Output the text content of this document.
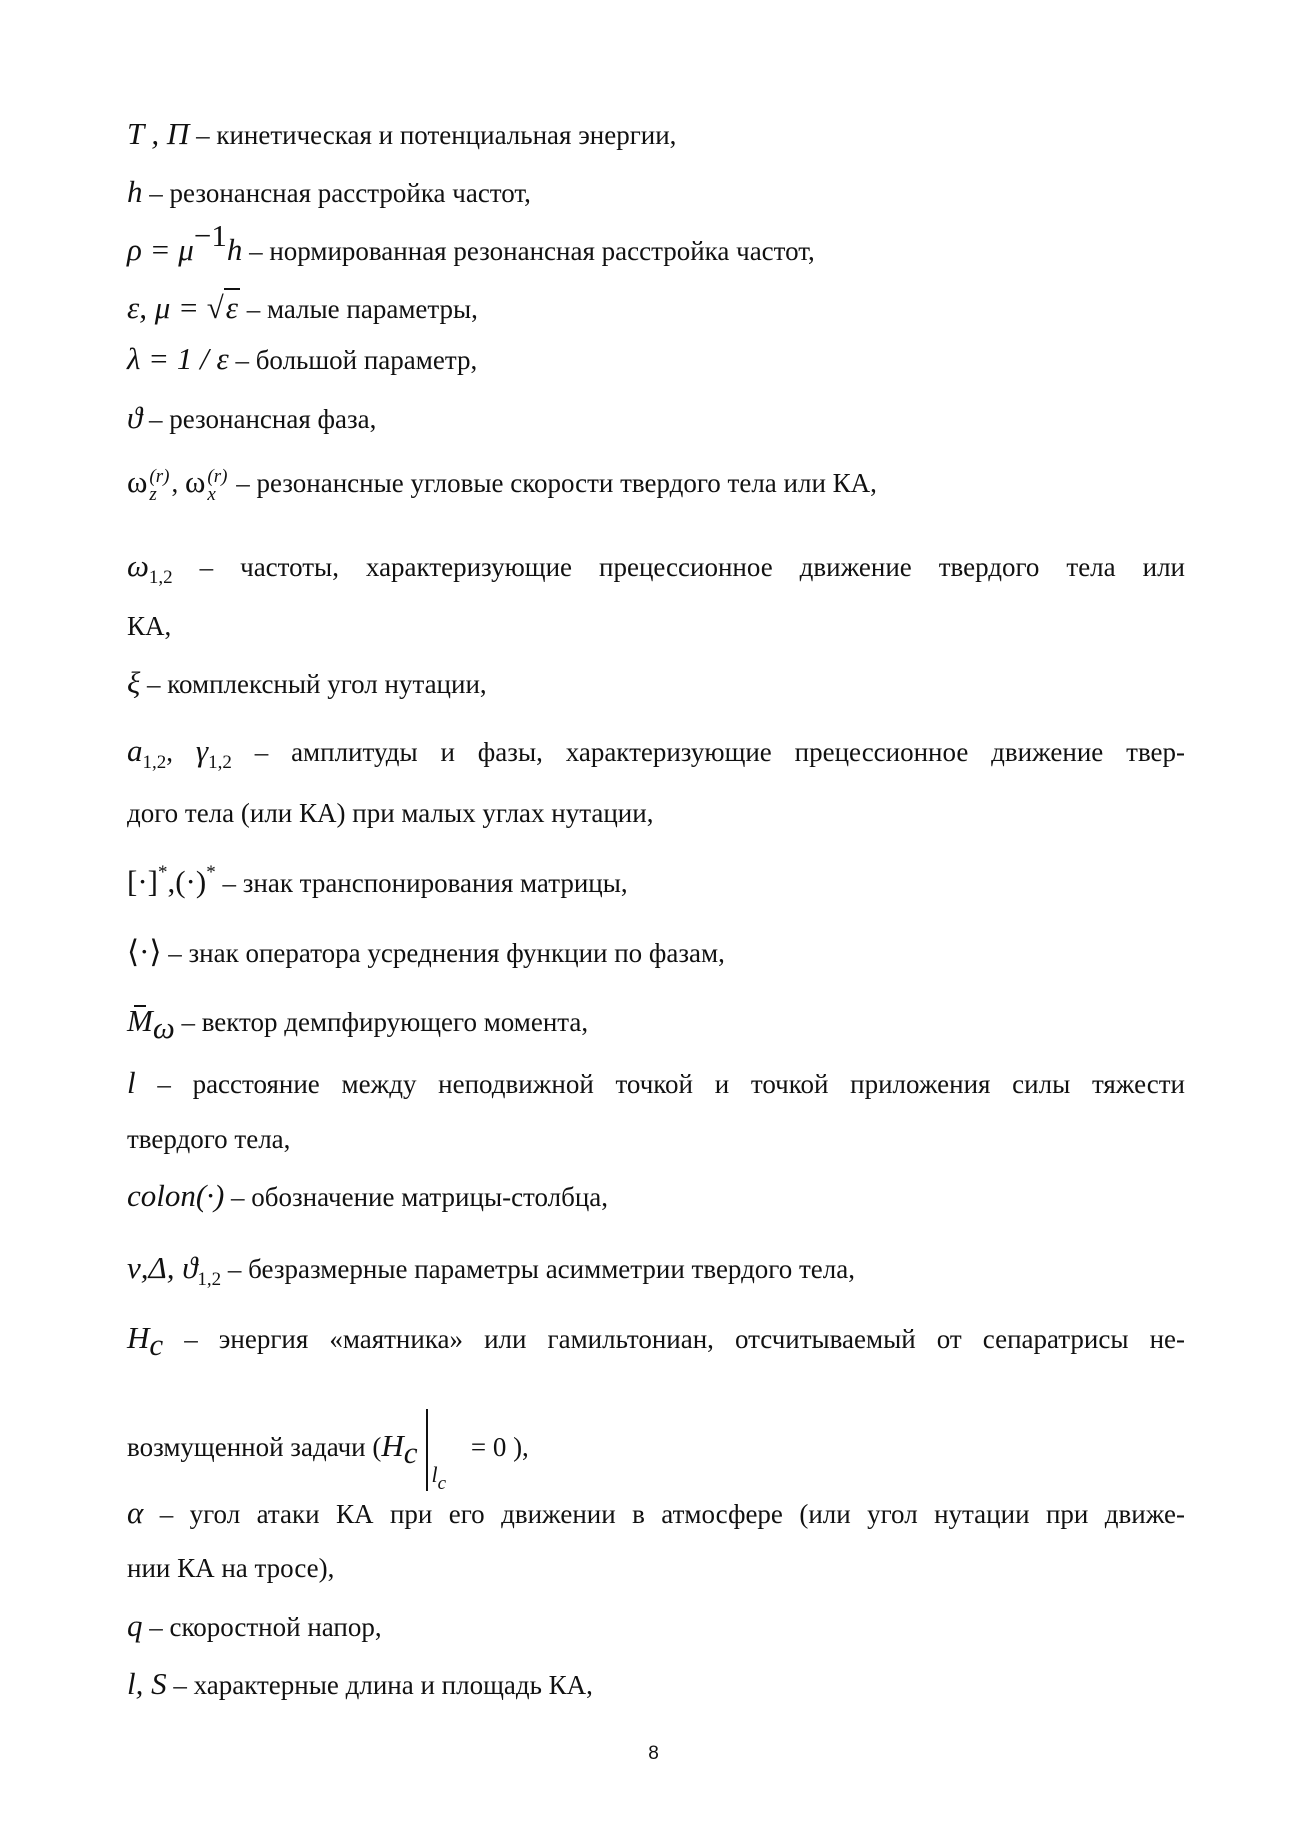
T , Π – кинетическая и потенциальная энергии,
h – резонансная расстройка частот,
$\rho = \mu^{-1}h$ – нормированная резонансная расстройка частот,
ε, μ = √ε – малые параметры,
λ = 1 / ε – большой параметр,
ϑ – резонансная фаза,
ω (r)
z , ω (r)
x – резонансные угловые скорости твердого тела или КА,
$\omega_{1,2}$ – частоты, характеризующие прецессионное движение твердого тела или
КА,
ξ – комплексный угол нутации,
$a_{1,2}$, $\gamma_{1,2}$ – амплитуды и фазы, характеризующие прецессионное движение твер-
дого тела (или КА) при малых углах нутации,
[·]*,(·)* – знак транспонирования матрицы,
⟨·⟩ – знак оператора усреднения функции по фазам,
$M_\omega$ – вектор демпфирующего момента,
l – расстояние между неподвижной точкой и точкой приложения силы тяжести
твердого тела,
colon(·) – обозначение матрицы-столбца,
ν,Δ, $ϑ_{1,2}$ – безразмерные параметры асимметрии твердого тела,
$H_c$ – энергия «маятника» или гамильтониан, отсчитываемый от сепаратрисы не-
возмущенной задачи ($H_{cl_c} = 0$ ),
α – угол атаки КА при его движении в атмосфере (или угол нутации при движе-
нии КА на тросе),
q – скоростной напор,
l, S – характерные длина и площадь КА,
8
